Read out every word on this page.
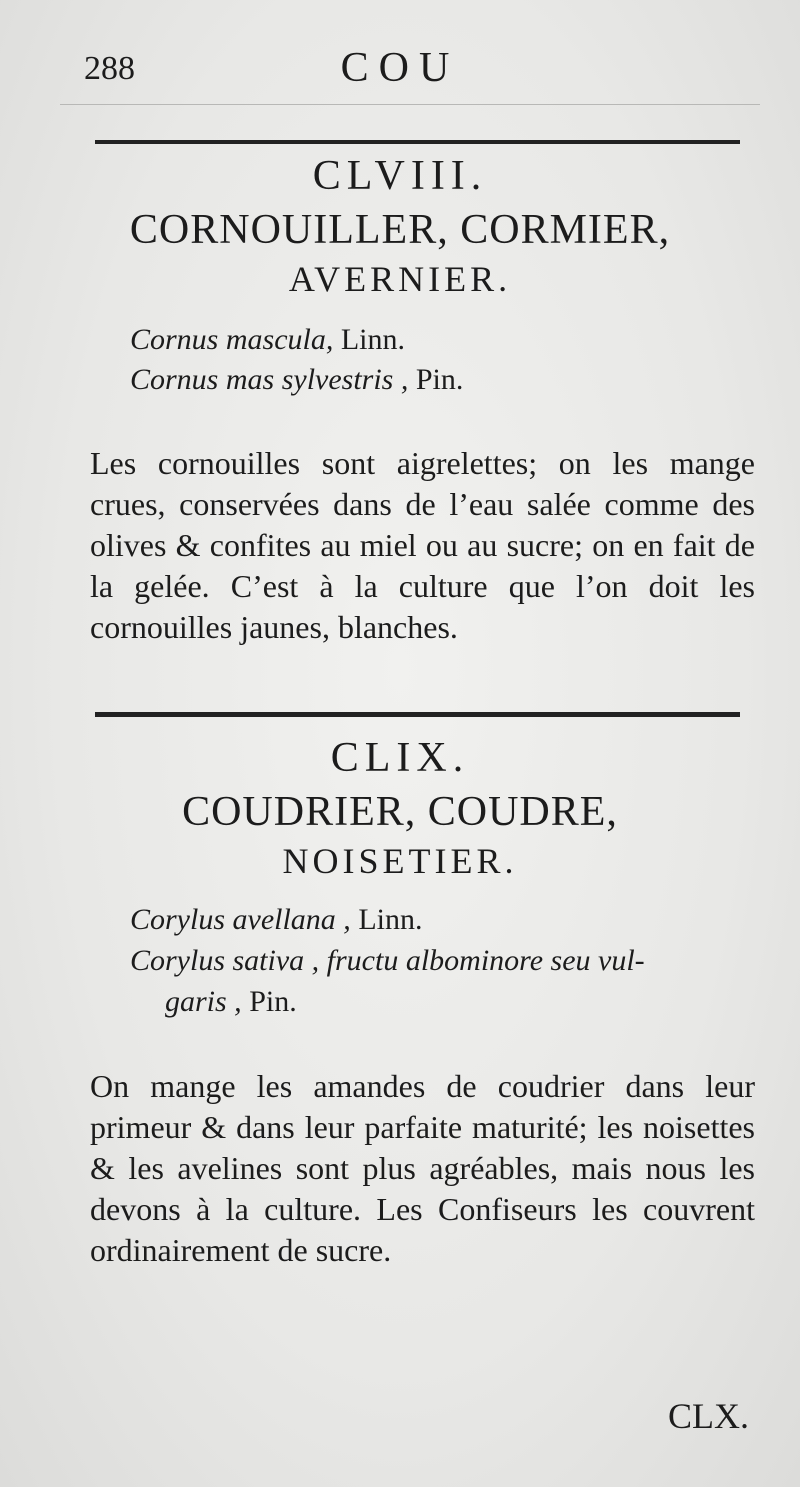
288	COU
CLVIII.
CORNOUILLER, CORMIER,
AVERNIER.
Cornus mascula, Linn.
Cornus mas sylvestris , Pin.
Les cornouilles sont aigrelettes; on les mange crues, conservées dans de l’eau salée comme des olives & confites au miel ou au sucre; on en fait de la gelée. C’est à la culture que l’on doit les cornouilles jaunes, blanches.
CLIX.
COUDRIER, COUDRE,
NOISETIER.
Corylus avellana , Linn.
Corylus sativa , fructu albominore seu vul-
garis , Pin.
On mange les amandes de coudrier dans leur primeur & dans leur parfaite maturité; les noisettes & les avelines sont plus agréables, mais nous les devons à la culture. Les Confiseurs les couvrent ordinairement de sucre.
CLX.
